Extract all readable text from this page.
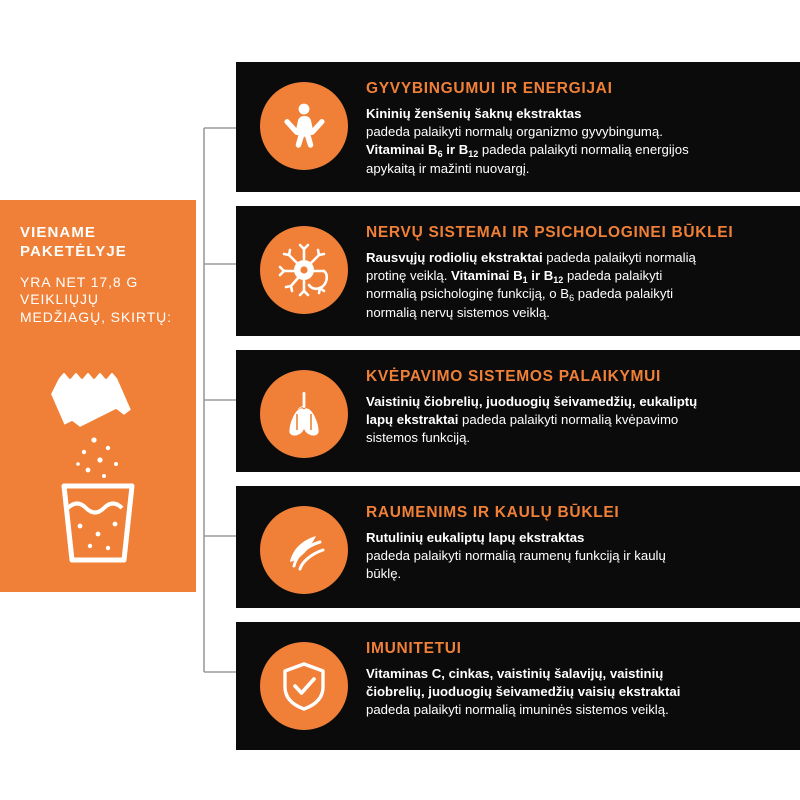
VIENAME PAKETĖLYJE

YRA NET 17,8 G VEIKLIŲJŲ MEDŽIAGŲ, SKIRTŲ:

GYVYBINGUMUI IR ENERGIJAI

Kininių ženšenių šaknų ekstraktas
padeda palaikyti normalų organizmo gyvybingumą.
Vitaminai $B_6$ ir $B_{12}$ padeda palaikyti normalią energijos
apykaitą ir mažinti nuovargį.

NERVŲ SISTEMAI IR PSICHOLOGINEI BŪKLEI

Rausvųjų rodiolių ekstraktai padeda palaikyti normalią
protinę veiklą. Vitaminai $B_1$ ir $B_{12}$ padeda palaikyti
normalią psichologinę funkciją, o $B_6$ padeda palaikyti
normalią nervų sistemos veiklą.

KVĖPAVIMO SISTEMOS PALAIKYMUI

Vaistinių čiobrelių, juoduogių šeivamedžių, eukaliptų
lapų ekstraktai padeda palaikyti normalią kvėpavimo
sistemos funkciją.

RAUMENIMS IR KAULŲ BŪKLEI

Rutulinių eukaliptų lapų ekstraktas
padeda palaikyti normalią raumenų funkciją ir kaulų
būklę.

IMUNITETUI

Vitaminas C, cinkas, vaistinių šalavijų, vaistinių
čiobrelių, juoduogių šeivamedžių vaisių ekstraktai
padeda palaikyti normalią imuninės sistemos veiklą.
